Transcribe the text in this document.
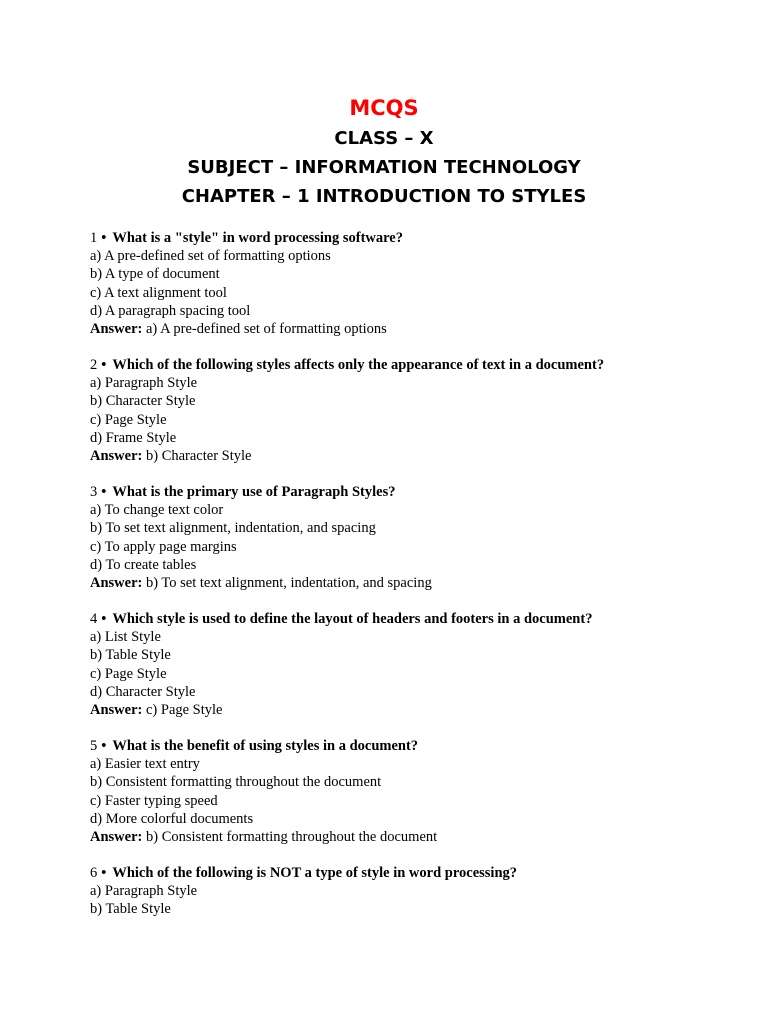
MCQS
CLASS – X
SUBJECT – INFORMATION TECHNOLOGY
CHAPTER – 1 INTRODUCTION TO STYLES
1 • What is a "style" in word processing software?
a) A pre-defined set of formatting options
b) A type of document
c) A text alignment tool
d) A paragraph spacing tool
Answer: a) A pre-defined set of formatting options
2 • Which of the following styles affects only the appearance of text in a document?
a) Paragraph Style
b) Character Style
c) Page Style
d) Frame Style
Answer: b) Character Style
3 • What is the primary use of Paragraph Styles?
a) To change text color
b) To set text alignment, indentation, and spacing
c) To apply page margins
d) To create tables
Answer: b) To set text alignment, indentation, and spacing
4 • Which style is used to define the layout of headers and footers in a document?
a) List Style
b) Table Style
c) Page Style
d) Character Style
Answer: c) Page Style
5 • What is the benefit of using styles in a document?
a) Easier text entry
b) Consistent formatting throughout the document
c) Faster typing speed
d) More colorful documents
Answer: b) Consistent formatting throughout the document
6 • Which of the following is NOT a type of style in word processing?
a) Paragraph Style
b) Table Style
